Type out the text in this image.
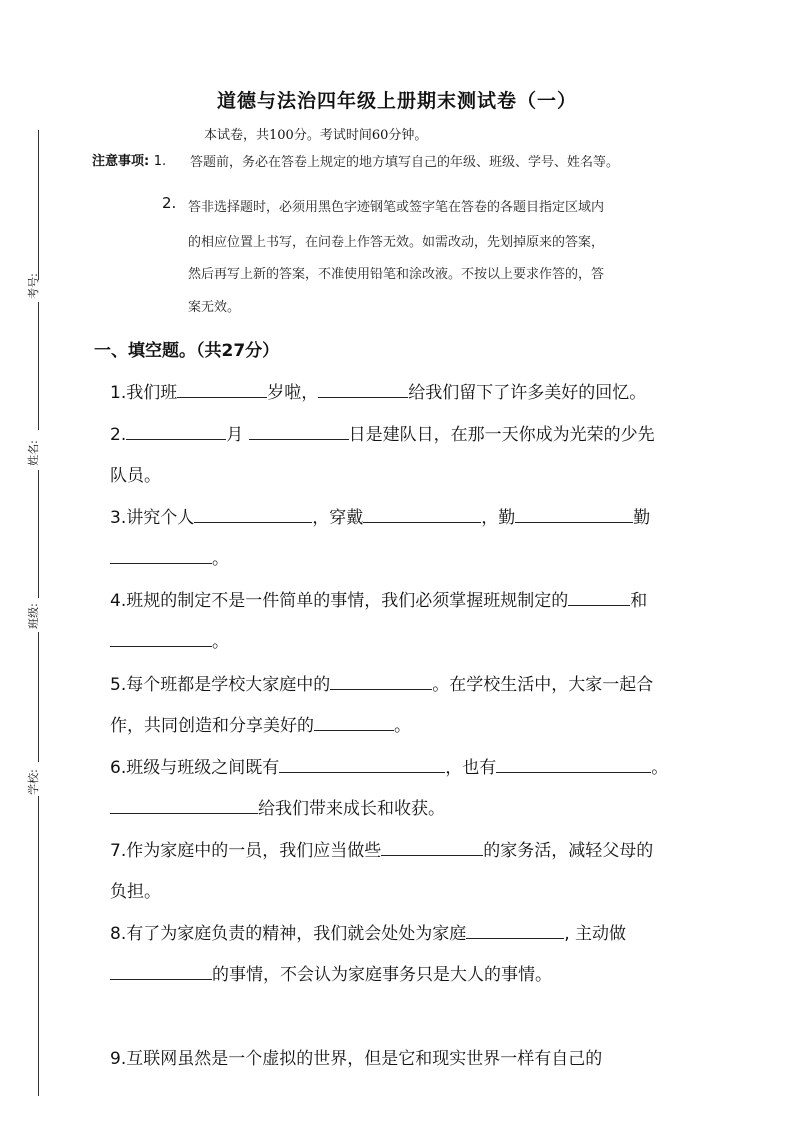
考号:
姓名:
班级:
学校:
道德与法治四年级上册期末测试卷（一）
本试卷，共100分。考试时间60分钟。
注意事项: 1. 答题前，务必在答卷上规定的地方填写自己的年级、班级、学号、姓名等。
2. 答非选择题时，必须用黑色字迹钢笔或签字笔在答卷的各题目指定区域内
的相应位置上书写，在问卷上作答无效。如需改动，先划掉原来的答案，
然后再写上新的答案，不准使用铅笔和涂改液。不按以上要求作答的，答
案无效。
一、填空题。（共27分）
1.我们班	岁啦，	给我们留下了许多美好的回忆。
2.	月	日是建队日，在那一天你成为光荣的少先
队员。
3.讲究个人	，穿戴	，勤	勤
。
4.班规的制定不是一件简单的事情，我们必须掌握班规制定的	和
。
5.每个班都是学校大家庭中的	。在学校生活中，大家一起合
作，共同创造和分享美好的	。
6.班级与班级之间既有	，也有	。
给我们带来成长和收获。
7.作为家庭中的一员，我们应当做些	的家务活，减轻父母的
负担。
8.有了为家庭负责的精神，我们就会处处为家庭	, 主动做
的事情，不会认为家庭事务只是大人的事情。
9.互联网虽然是一个虚拟的世界，但是它和现实世界一样有自己的
